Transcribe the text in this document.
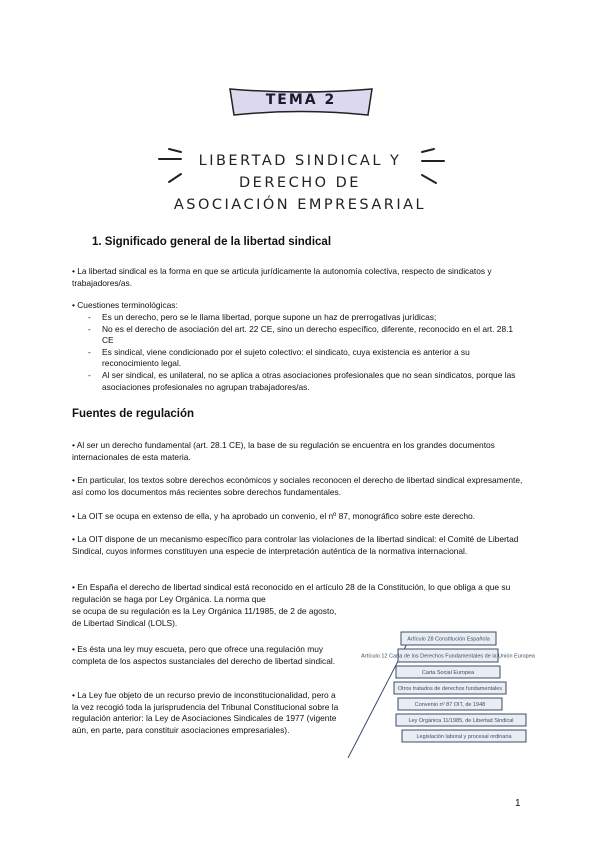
TEMA 2
LIBERTAD SINDICAL Y DERECHO DE
ASOCIACIÓN EMPRESARIAL
1. Significado general de la libertad sindical
• La libertad sindical es la forma en que se articula jurídicamente la autonomía colectiva, respecto de sindicatos y trabajadores/as.
• Cuestiones terminológicas:
-	Es un derecho, pero se le llama libertad, porque supone un haz de prerrogativas jurídicas;
-	No es el derecho de asociación del art. 22 CE, sino un derecho específico, diferente, reconocido en el art. 28.1 CE
-	Es sindical, viene condicionado por el sujeto colectivo: el sindicato, cuya existencia es anterior a su reconocimiento legal.
-	Al ser sindical, es unilateral, no se aplica a otras asociaciones profesionales que no sean sindicatos, porque las asociaciones profesionales no agrupan trabajadores/as.
Fuentes de regulación
• Al ser un derecho fundamental (art. 28.1 CE), la base de su regulación se encuentra en los grandes documentos internacionales de esta materia.
• En particular, los textos sobre derechos económicos y sociales reconocen el derecho de libertad sindical expresamente, así como los documentos más recientes sobre derechos fundamentales.
• La OIT se ocupa en extenso de ella, y ha aprobado un convenio, el nº 87, monográfico sobre este derecho.
• La OIT dispone de un mecanismo específico para controlar las violaciones de la libertad sindical: el Comité de Libertad Sindical, cuyos informes constituyen una especie de interpretación auténtica de la normativa internacional.
• En España el derecho de libertad sindical está reconocido en el artículo 28 de la Constitución, lo que obliga a que su regulación se haga por Ley Orgánica. La norma que
se ocupa de su regulación es la Ley Orgánica 11/1985, de 2 de agosto, de Libertad Sindical (LOLS).
• Es ésta una ley muy escueta, pero que ofrece una regulación muy completa de los aspectos sustanciales del derecho de libertad sindical.
• La Ley fue objeto de un recurso previo de inconstitucionalidad, pero a la vez recogió toda la jurisprudencia del Tribunal Constitucional sobre la regulación anterior: la Ley de Asociaciones Sindicales de 1977 (vigente aún, en parte, para constituir asociaciones empresariales).
Artículo 28 Constitución Española
Artículo 12 Carta de los Derechos Fundamentales de la Unión Europea
Carta Social Europea
Otros tratados de derechos fundamentales
Convenio nº 87 OIT, de 1948
Ley Orgánica 11/1985, de Libertad Sindical
Legislación laboral y procesal ordinaria
1
